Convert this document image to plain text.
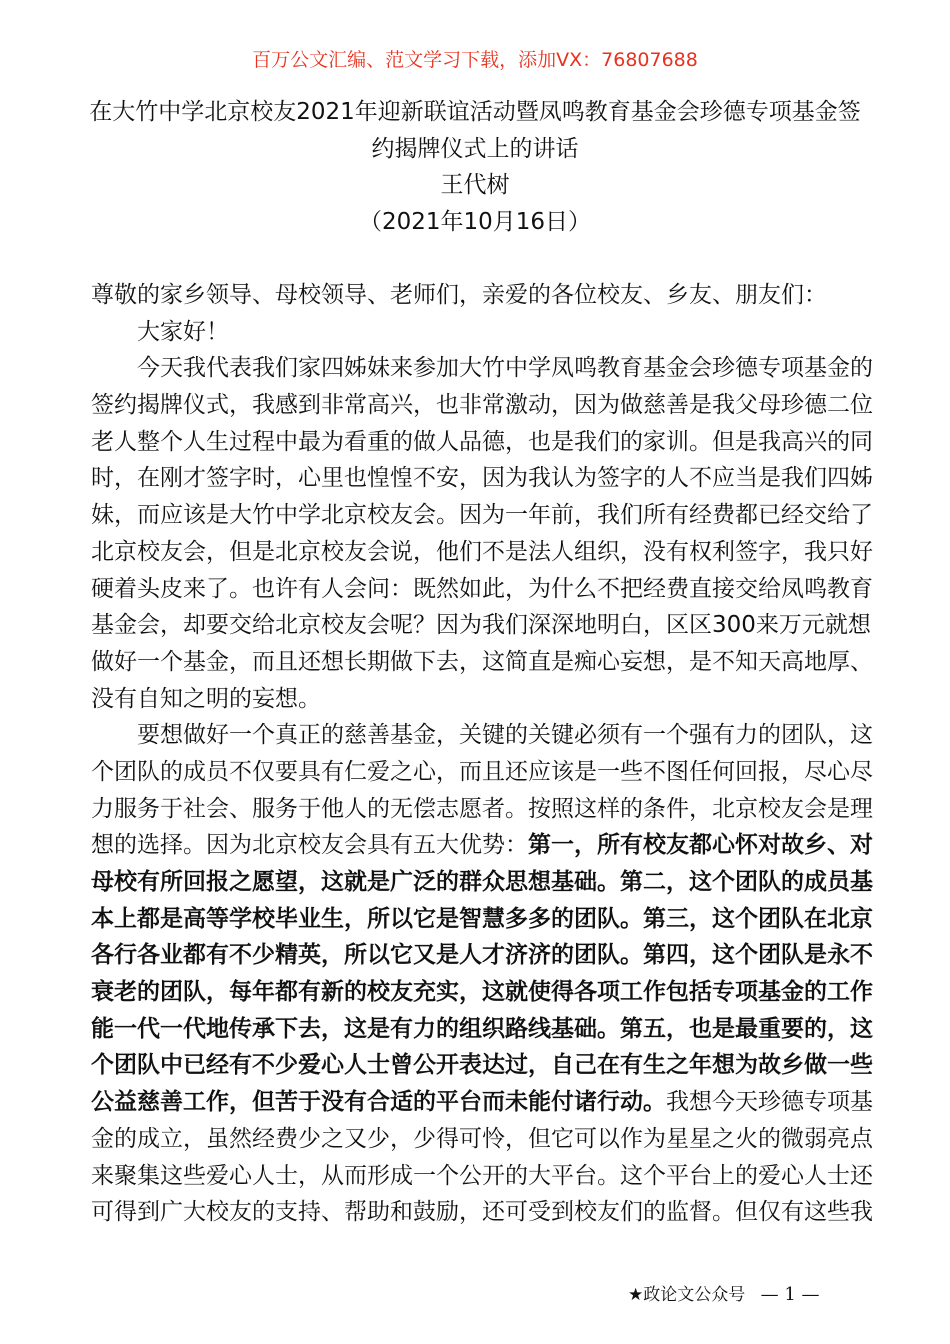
百万公文汇编、范文学习下载，添加VX：76807688
在大竹中学北京校友2021年迎新联谊活动暨凤鸣教育基金会珍德专项基金签
约揭牌仪式上的讲话
王代树
（2021年10月16日）
尊敬的家乡领导、母校领导、老师们，亲爱的各位校友、乡友、朋友们：
大家好！
今天我代表我们家四姊妹来参加大竹中学凤鸣教育基金会珍德专项基金的
签约揭牌仪式，我感到非常高兴，也非常激动，因为做慈善是我父母珍德二位
老人整个人生过程中最为看重的做人品德，也是我们的家训。但是我高兴的同
时，在刚才签字时，心里也惶惶不安，因为我认为签字的人不应当是我们四姊
妹，而应该是大竹中学北京校友会。因为一年前，我们所有经费都已经交给了
北京校友会，但是北京校友会说，他们不是法人组织，没有权利签字，我只好
硬着头皮来了。也许有人会问：既然如此，为什么不把经费直接交给凤鸣教育
基金会，却要交给北京校友会呢？因为我们深深地明白，区区300来万元就想
做好一个基金，而且还想长期做下去，这简直是痴心妄想，是不知天高地厚、
没有自知之明的妄想。
要想做好一个真正的慈善基金，关键的关键必须有一个强有力的团队，这
个团队的成员不仅要具有仁爱之心，而且还应该是一些不图任何回报，尽心尽
力服务于社会、服务于他人的无偿志愿者。按照这样的条件，北京校友会是理
想的选择。因为北京校友会具有五大优势：第一，所有校友都心怀对故乡、对
母校有所回报之愿望，这就是广泛的群众思想基础。第二，这个团队的成员基
本上都是高等学校毕业生，所以它是智慧多多的团队。第三，这个团队在北京
各行各业都有不少精英，所以它又是人才济济的团队。第四，这个团队是永不
衰老的团队，每年都有新的校友充实，这就使得各项工作包括专项基金的工作
能一代一代地传承下去，这是有力的组织路线基础。第五，也是最重要的，这
个团队中已经有不少爱心人士曾公开表达过，自己在有生之年想为故乡做一些
公益慈善工作，但苦于没有合适的平台而未能付诸行动。我想今天珍德专项基
金的成立，虽然经费少之又少，少得可怜，但它可以作为星星之火的微弱亮点
来聚集这些爱心人士，从而形成一个公开的大平台。这个平台上的爱心人士还
可得到广大校友的支持、帮助和鼓励，还可受到校友们的监督。但仅有这些我
★政论文公众号 — 1 —
